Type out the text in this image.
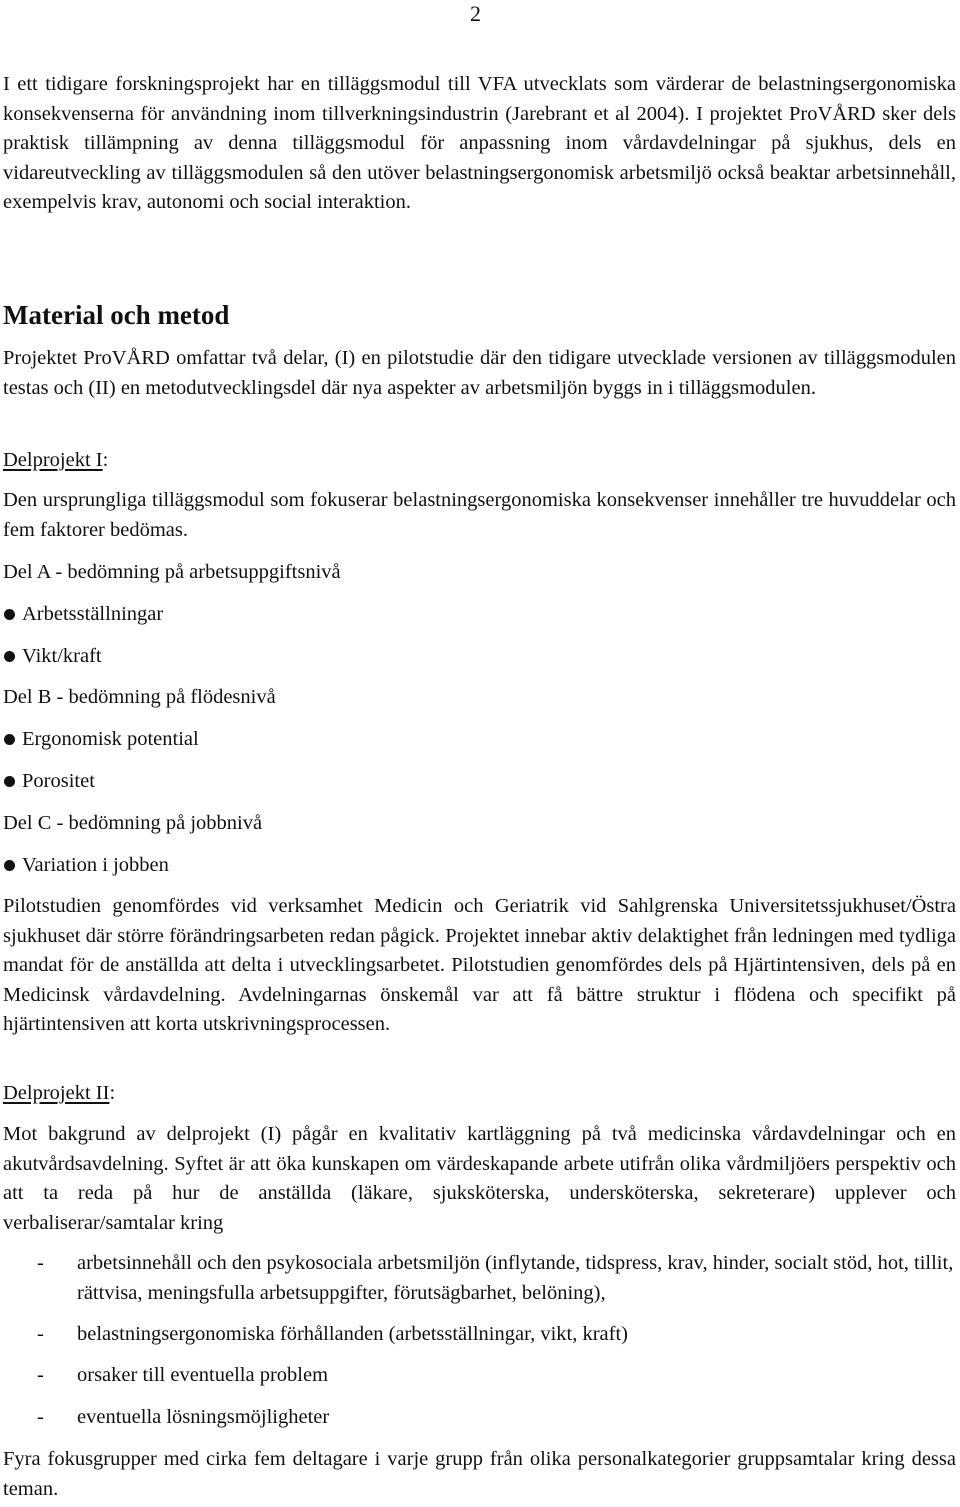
2

I ett tidigare forskningsprojekt har en tilläggsmodul till VFA utvecklats som värderar de belastningsergonomiska konsekvenserna för användning inom tillverkningsindustrin (Jarebrant et al 2004). I projektet ProVÅRD sker dels praktisk tillämpning av denna tilläggsmodul för anpassning inom vårdavdelningar på sjukhus, dels en vidareutveckling av tilläggsmodulen så den utöver belastningsergonomisk arbetsmiljö också beaktar arbetsinnehåll, exempelvis krav, autonomi och social interaktion.

Material och metod

Projektet ProVÅRD omfattar två delar, (I) en pilotstudie där den tidigare utvecklade versionen av tilläggsmodulen testas och (II) en metodutvecklingsdel där nya aspekter av arbetsmiljön byggs in i tilläggsmodulen.

Delprojekt I:

Den ursprungliga tilläggsmodul som fokuserar belastningsergonomiska konsekvenser innehåller tre huvuddelar och fem faktorer bedömas.

Del A - bedömning på arbetsuppgiftsnivå

Arbetsställningar

Vikt/kraft

Del B - bedömning på flödesnivå

Ergonomisk potential

Porositet

Del C - bedömning på jobbnivå

Variation i jobben

Pilotstudien genomfördes vid verksamhet Medicin och Geriatrik vid Sahlgrenska Universitetssjukhuset/Östra sjukhuset där större förändringsarbeten redan pågick. Projektet innebar aktiv delaktighet från ledningen med tydliga mandat för de anställda att delta i utvecklingsarbetet. Pilotstudien genomfördes dels på Hjärtintensiven, dels på en Medicinsk vårdavdelning. Avdelningarnas önskemål var att få bättre struktur i flödena och specifikt på hjärtintensiven att korta utskrivningsprocessen.

Delprojekt II:

Mot bakgrund av delprojekt (I) pågår en kvalitativ kartläggning på två medicinska vårdavdelningar och en akutvårdsavdelning. Syftet är att öka kunskapen om värdeskapande arbete utifrån olika vårdmiljöers perspektiv och att ta reda på hur de anställda (läkare, sjuksköterska, undersköterska, sekreterare) upplever och verbaliserar/samtalar kring

- arbetsinnehåll och den psykosociala arbetsmiljön (inflytande, tidspress, krav, hinder, socialt stöd, hot, tillit, rättvisa, meningsfulla arbetsuppgifter, förutsägbarhet, belöning),
- belastningsergonomiska förhållanden (arbetsställningar, vikt, kraft)
- orsaker till eventuella problem
- eventuella lösningsmöjligheter

Fyra fokusgrupper med cirka fem deltagare i varje grupp från olika personalkategorier gruppsamtalar kring dessa teman.
